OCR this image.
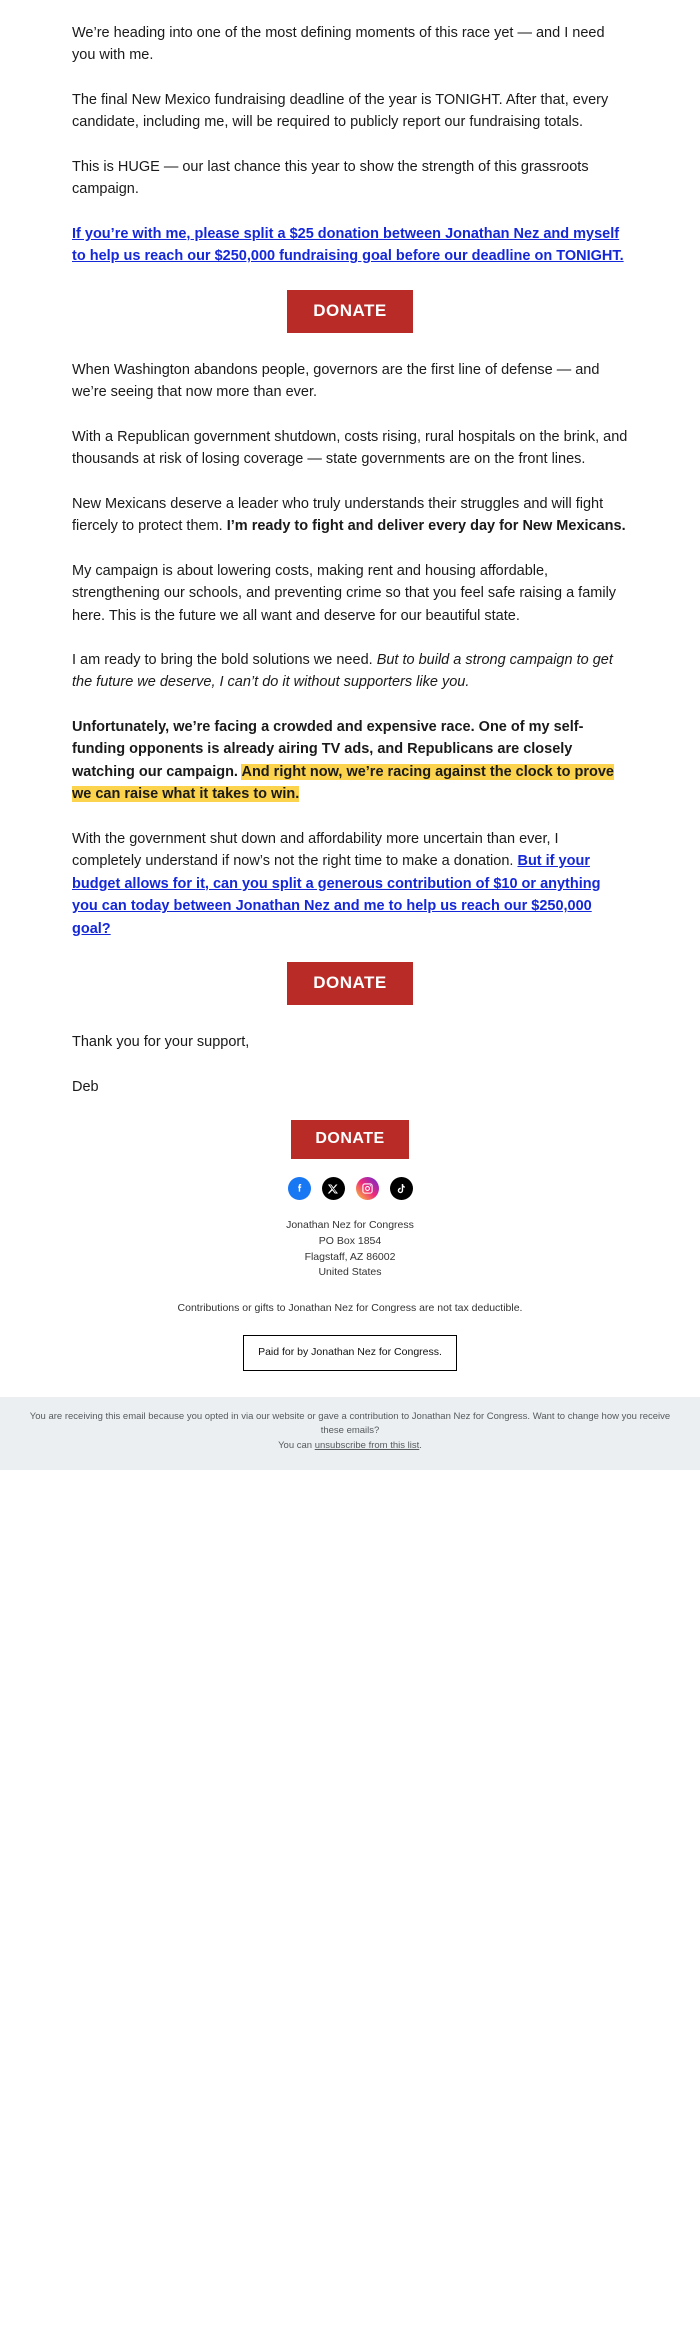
We’re heading into one of the most defining moments of this race yet — and I need you with me.

The final New Mexico fundraising deadline of the year is TONIGHT. After that, every candidate, including me, will be required to publicly report our fundraising totals.

This is HUGE — our last chance this year to show the strength of this grassroots campaign.

If you’re with me, please split a $25 donation between Jonathan Nez and myself to help us reach our $250,000 fundraising goal before our deadline on TONIGHT.
DONATE

When Washington abandons people, governors are the first line of defense — and we’re seeing that now more than ever.

With a Republican government shutdown, costs rising, rural hospitals on the brink, and thousands at risk of losing coverage — state governments are on the front lines.

New Mexicans deserve a leader who truly understands their struggles and will fight fiercely to protect them. I’m ready to fight and deliver every day for New Mexicans.

My campaign is about lowering costs, making rent and housing affordable, strengthening our schools, and preventing crime so that you feel safe raising a family here. This is the future we all want and deserve for our beautiful state.

I am ready to bring the bold solutions we need. But to build a strong campaign to get the future we deserve, I can’t do it without supporters like you.

Unfortunately, we’re facing a crowded and expensive race. One of my self-funding opponents is already airing TV ads, and Republicans are closely watching our campaign. And right now, we’re racing against the clock to prove we can raise what it takes to win.

With the government shut down and affordability more uncertain than ever, I completely understand if now’s not the right time to make a donation. But if your budget allows for it, can you split a generous contribution of $10 or anything you can today between Jonathan Nez and me to help us reach our $250,000 goal?

DONATE

Thank you for your support,

Deb

DONATE
Jonathan Nez for Congress
PO Box 1854
Flagstaff, AZ 86002
United States
Contributions or gifts to Jonathan Nez for Congress are not tax deductible.
Paid for by Jonathan Nez for Congress.
You are receiving this email because you opted in via our website or gave a contribution to Jonathan Nez for Congress. Want to change how you receive these emails?
You can unsubscribe from this list.
